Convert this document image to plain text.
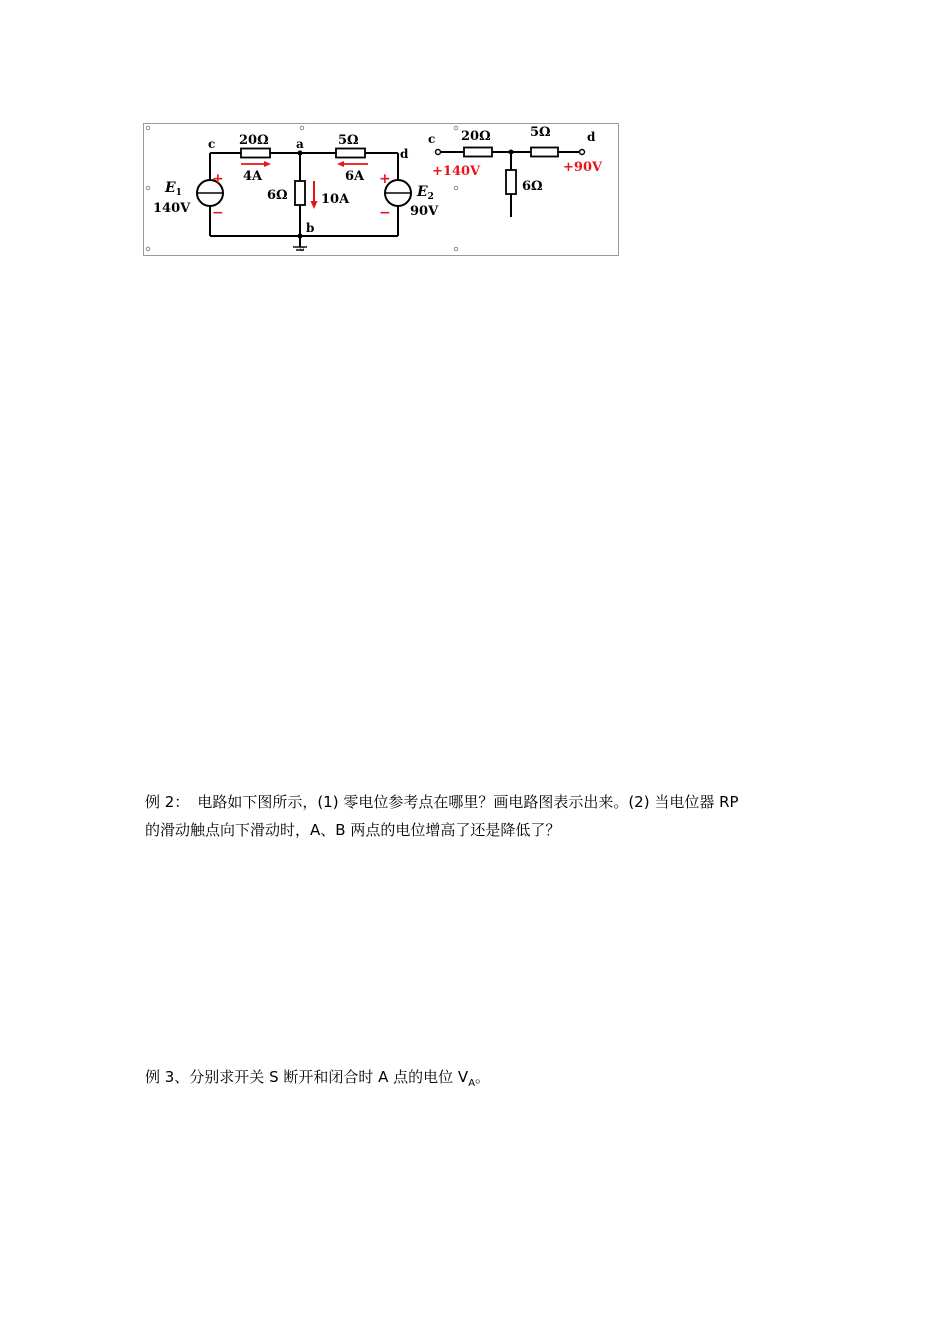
c	a
d
b
20Ω	5Ω
6Ω
4A	6A
10A
$E_1$
140V
$E_2$
90V
+
−
+
−
c	d
20Ω	5Ω
6Ω
+140V	+90V
例 2： 电路如下图所示，(1) 零电位参考点在哪里？画电路图表示出来。(2) 当电位器 RP
的滑动触点向下滑动时，A、B 两点的电位增高了还是降低了？
例 3、分别求开关 S 断开和闭合时 A 点的电位 $V_A$。
